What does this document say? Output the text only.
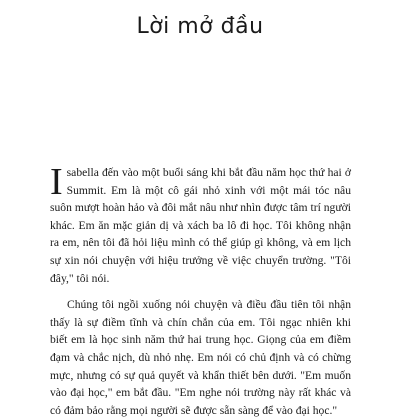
Lời mở đầu

Isabella đến vào một buổi sáng khi bắt đầu năm học thứ hai ở Summit. Em là một cô gái nhỏ xinh với một mái tóc nâu suôn mượt hoàn hảo và đôi mắt nâu như nhìn được tâm trí người khác. Em ăn mặc giản dị và xách ba lô đi học. Tôi không nhận ra em, nên tôi đã hỏi liệu mình có thể giúp gì không, và em lịch sự xin nói chuyện với hiệu trưởng về việc chuyển trường. "Tôi đây," tôi nói.

Chúng tôi ngồi xuống nói chuyện và điều đầu tiên tôi nhận thấy là sự điềm tĩnh và chín chắn của em. Tôi ngạc nhiên khi biết em là học sinh năm thứ hai trung học. Giọng của em điềm đạm và chắc nịch, dù nhỏ nhẹ. Em nói có chủ định và có chừng mực, nhưng có sự quả quyết và khẩn thiết bên dưới. "Em muốn vào đại học," em bắt đầu. "Em nghe nói trường này rất khác và có đảm bảo rằng mọi người sẽ được sẵn sàng để vào đại học."
